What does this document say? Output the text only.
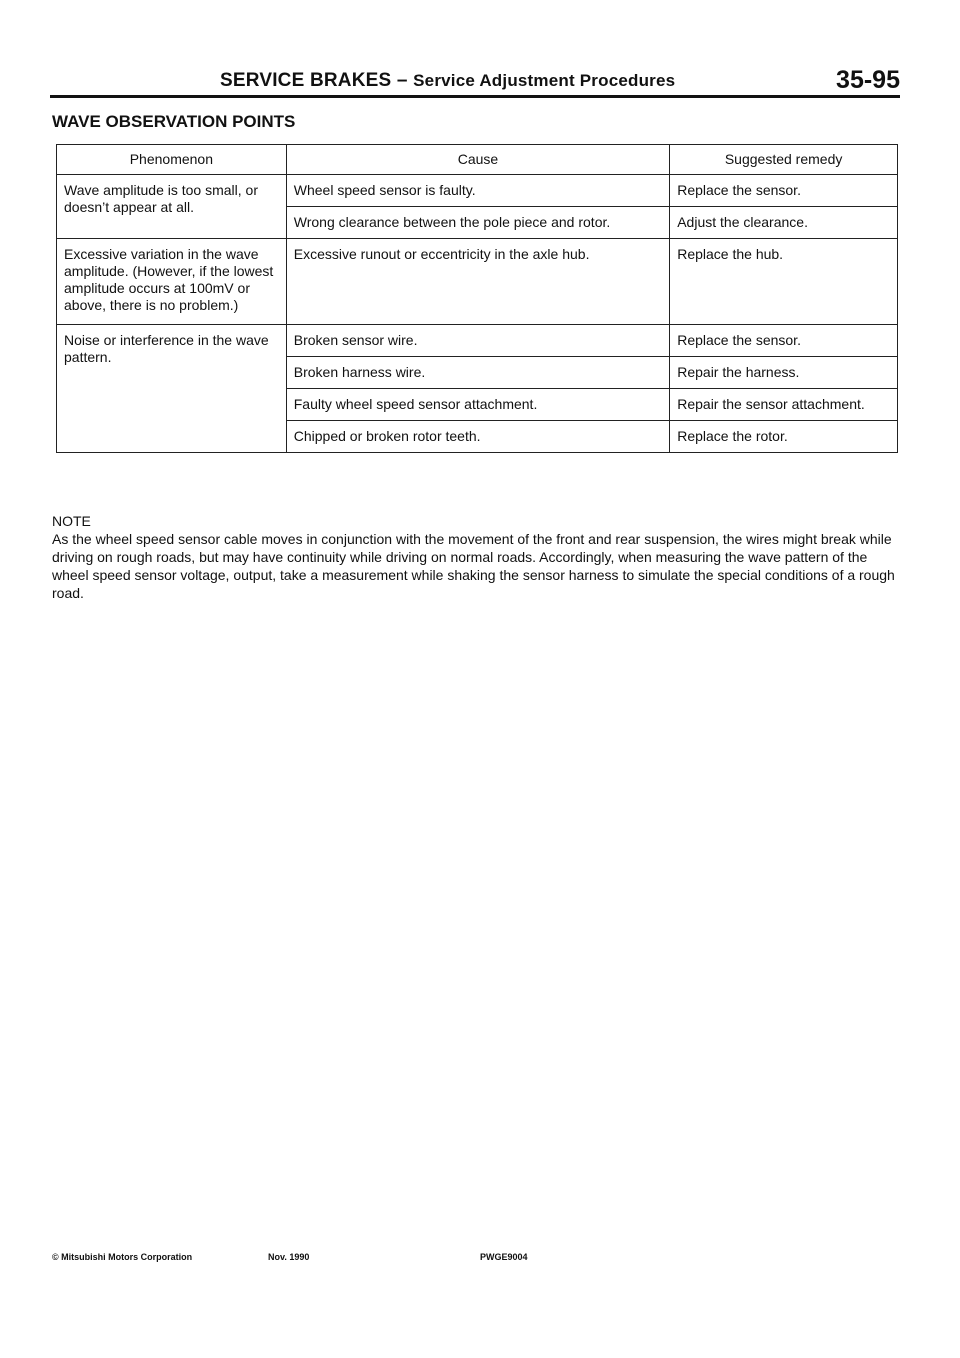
SERVICE BRAKES – Service Adjustment Procedures	35-95
WAVE OBSERVATION POINTS
Phenomenon	Cause	Suggested remedy
Wave amplitude is too small, or doesn’t appear at all.	Wheel speed sensor is faulty.	Replace the sensor.
	Wrong clearance between the pole piece and rotor.	Adjust the clearance.
Excessive variation in the wave amplitude. (However, if the lowest amplitude occurs at 100mV or above, there is no problem.)	Excessive runout or eccentricity in the axle hub.	Replace the hub.
Noise or interference in the wave pattern.	Broken sensor wire.	Replace the sensor.
	Broken harness wire.	Repair the harness.
	Faulty wheel speed sensor attachment.	Repair the sensor attachment.
	Chipped or broken rotor teeth.	Replace the rotor.

NOTE

As the wheel speed sensor cable moves in conjunction with the movement of the front and rear suspension, the wires might break while driving on rough roads, but may have continuity while driving on normal roads. Accordingly, when measuring the wave pattern of the wheel speed sensor voltage, output, take a measurement while shaking the sensor harness to simulate the special conditions of a rough road.

© Mitsubishi Motors Corporation	Nov. 1990	PWGE9004
